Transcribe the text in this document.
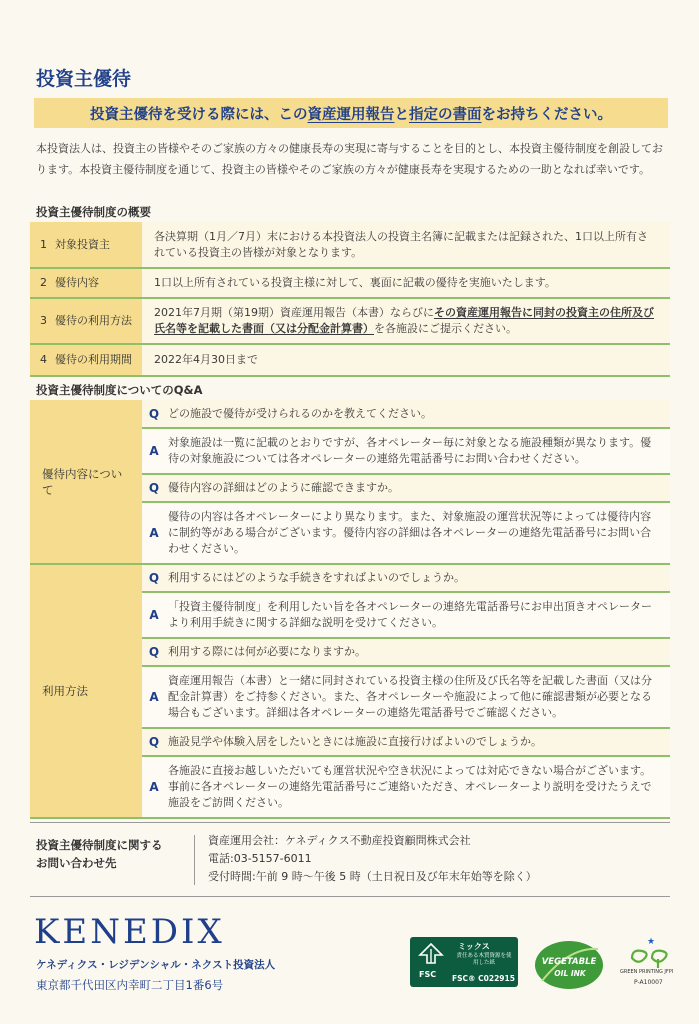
投資主優待
投資主優待を受ける際には、この 資産運用報告 と 指定の書面 をお持ちください。

本投資法人は、投資主の皆様やそのご家族の方々の健康長寿の実現に寄与することを目的とし、本投資主優待制度を創設しております。本投資主優待制度を通じて、投資主の皆様やそのご家族の方々が健康長寿を実現するための一助となれば幸いです。

投資主優待制度の概要
1 対象投資主	各決算期（1月／7月）末における本投資法人の投資主名簿に記載または記録された、1口以上所有されている投資主の皆様が対象となります。
2 優待内容	1口以上所有されている投資主様に対して、裏面に記載の優待を実施いたします。
3 優待の利用方法	2021年7月期（第19期）資産運用報告（本書）ならびにその資産運用報告に同封の投資主の住所及び氏名等を記載した書面（又は分配金計算書）を各施設にご提示ください。
4 優待の利用期間	2022年4月30日まで
投資主優待制度についてのQ&A
優待内容について	Q	どの施設で優待が受けられるのかを教えてください。
	A	対象施設は一覧に記載のとおりですが、各オペレーター毎に対象となる施設種類が異なります。優待の対象施設については各オペレーターの連絡先電話番号にお問い合わせください。
	Q	優待内容の詳細はどのように確認できますか。
	A	優待の内容は各オペレーターにより異なります。また、対象施設の運営状況等によっては優待内容に制約等がある場合がございます。優待内容の詳細は各オペレーターの連絡先電話番号にお問い合わせください。
利用方法	Q	利用するにはどのような手続きをすればよいのでしょうか。
	A	「投資主優待制度」を利用したい旨を各オペレーターの連絡先電話番号にお申出頂きオペレーターより利用手続きに関する詳細な説明を受けてください。
	Q	利用する際には何が必要になりますか。
	A	資産運用報告（本書）と一緒に同封されている投資主様の住所及び氏名等を記載した書面（又は分配金計算書）をご持参ください。また、各オペレーターや施設によって他に確認書類が必要となる場合もございます。詳細は各オペレーターの連絡先電話番号でご確認ください。
	Q	施設見学や体験入居をしたいときには施設に直接行けばよいのでしょうか。
	A	各施設に直接お越しいただいても運営状況や空き状況によっては対応できない場合がございます。事前に各オペレーターの連絡先電話番号にご連絡いただき、オペレーターより説明を受けたうえで施設をご訪問ください。
投資主優待制度に関する
お問い合わせ先
資産運用会社：ケネディクス不動産投資顧問株式会社
電話:03-5157-6011
受付時間:午前 9 時〜午後 5 時（土日祝日及び年末年始等を除く）
KENEDIX
ケネディクス・レジデンシャル・ネクスト投資法人
東京都千代田区内幸町二丁目1番6号
FSC
ミックス
責任ある木質資源を使用した紙
FSC® C022915
VEGETABLE
OIL INK
★
GREEN PRINTING JFPI
P-A10007
